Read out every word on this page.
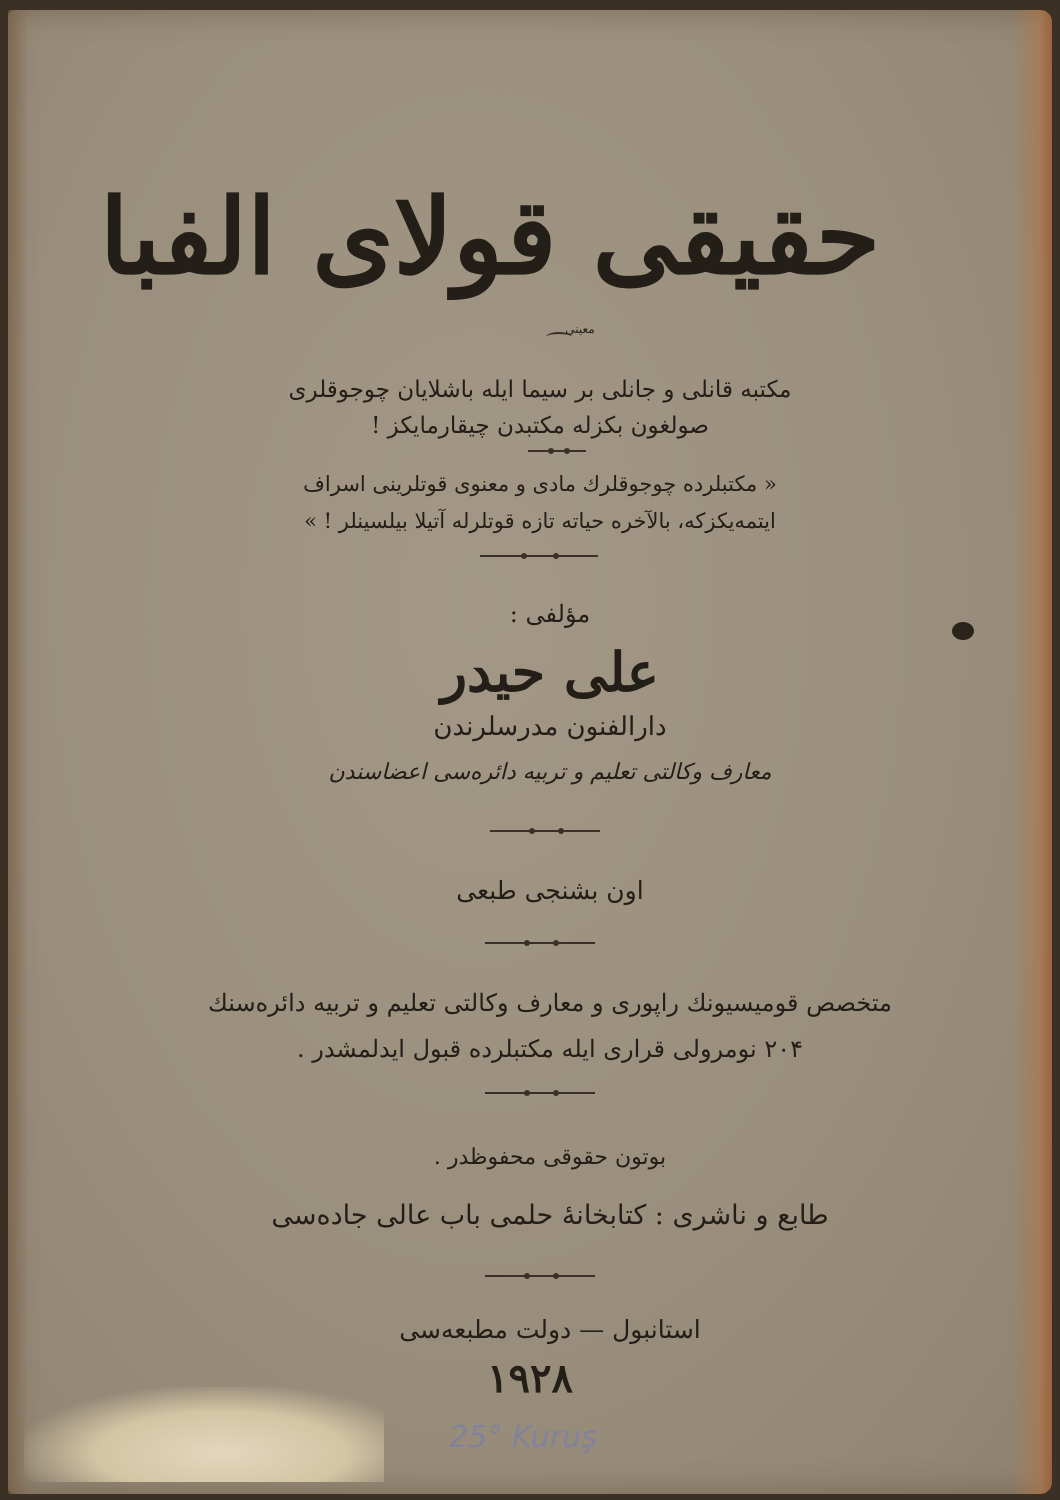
حقیقی قولای الفبا
معینی
مکتبه قانلی و جانلی بر سیما ایله باشلایان چوجوقلری
صولغون بکزله مکتبدن چیقارمایکز !
« مکتبلرده چوجوقلرك مادی و معنوی قوتلرینی اسراف
ایتمه‌یکزکه، بالآخره حیاته تازه قوتلرله آتیلا بیلسینلر ! »
مؤلفی :
علی حیدر
دارالفنون مدرسلرندن
معارف وکالتی تعلیم و تربیه دائره‌سی اعضاسندن
اون بشنجی طبعی
متخصص قومیسیونك راپوری و معارف وکالتی تعلیم و تربیه دائره‌سنك
۲۰۴ نومرولی قراری ایله مکتبلرده قبول ایدلمشدر .
بوتون حقوقی محفوظدر .
طابع و ناشری : کتابخانهٔ حلمی باب عالی جاده‌سی
استانبول — دولت مطبعه‌سی
۱۹۲۸
25° Kuruş
